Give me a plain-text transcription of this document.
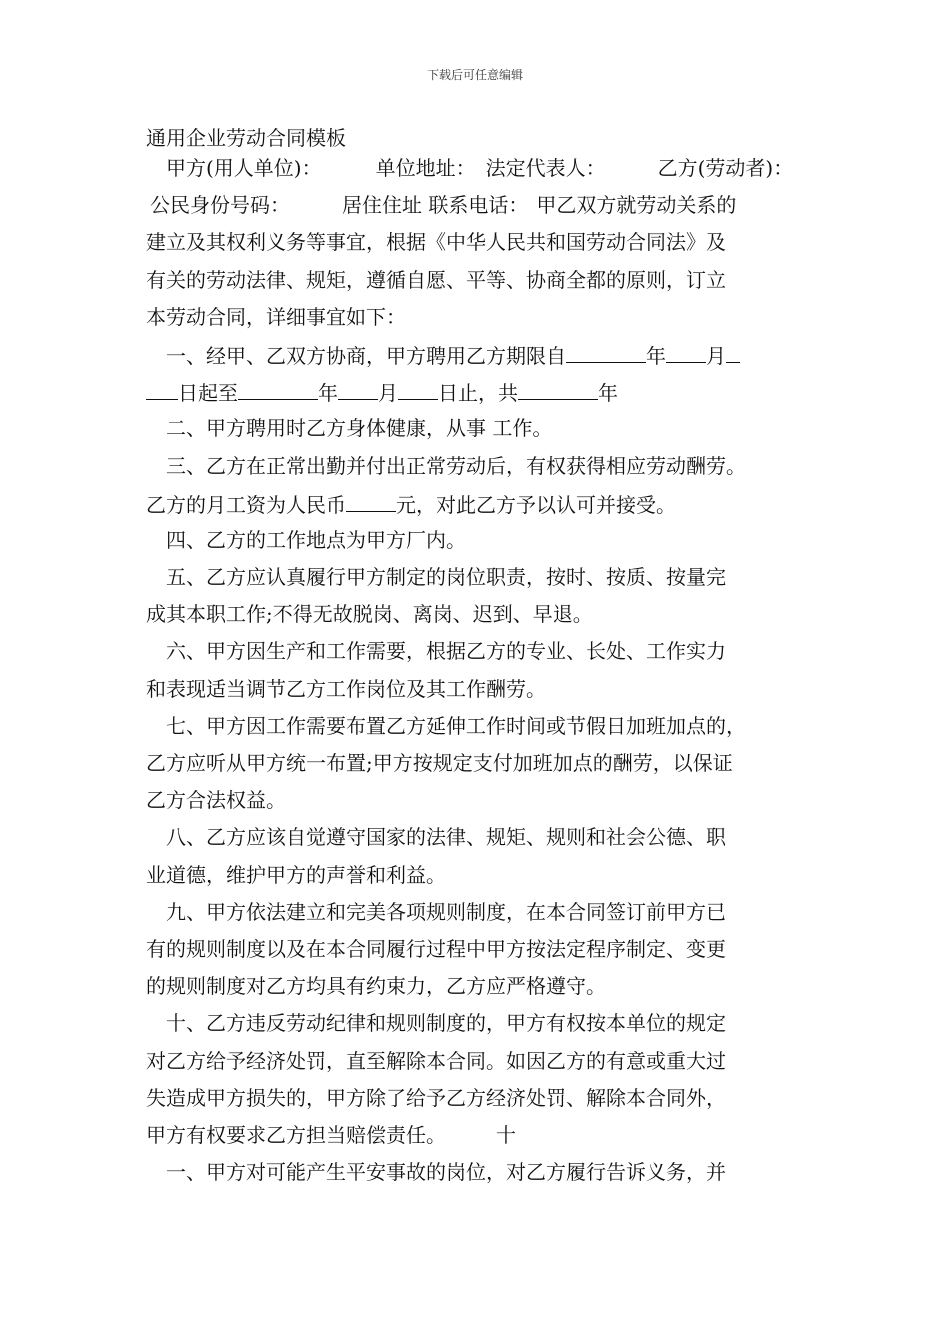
下载后可任意编辑
通用企业劳动合同模板
甲方(用人单位)：	单位地址： 法定代表人：	乙方(劳动者)：
公民身份号码：	居住住址 联系电话： 甲乙双方就劳动关系的
建立及其权利义务等事宜，根据《中华人民共和国劳动合同法》及
有关的劳动法律、规矩，遵循自愿、平等、协商全都的原则，订立
本劳动合同，详细事宜如下：
一、经甲、乙双方协商，甲方聘用乙方期限自	年 月
日起至	年 月 日止，共	年
二、甲方聘用时乙方身体健康，从事 工作。
三、乙方在正常出勤并付出正常劳动后，有权获得相应劳动酬劳。
乙方的月工资为人民币	元，对此乙方予以认可并接受。
四、乙方的工作地点为甲方厂内。
五、乙方应认真履行甲方制定的岗位职责，按时、按质、按量完
成其本职工作;不得无故脱岗、离岗、迟到、早退。
六、甲方因生产和工作需要，根据乙方的专业、长处、工作实力
和表现适当调节乙方工作岗位及其工作酬劳。
七、甲方因工作需要布置乙方延伸工作时间或节假日加班加点的，
乙方应听从甲方统一布置;甲方按规定支付加班加点的酬劳，以保证
乙方合法权益。
八、乙方应该自觉遵守国家的法律、规矩、规则和社会公德、职
业道德，维护甲方的声誉和利益。
九、甲方依法建立和完美各项规则制度，在本合同签订前甲方已
有的规则制度以及在本合同履行过程中甲方按法定程序制定、变更
的规则制度对乙方均具有约束力，乙方应严格遵守。
十、乙方违反劳动纪律和规则制度的，甲方有权按本单位的规定
对乙方给予经济处罚，直至解除本合同。如因乙方的有意或重大过
失造成甲方损失的，甲方除了给予乙方经济处罚、解除本合同外，
甲方有权要求乙方担当赔偿责任。　　　十
一、甲方对可能产生平安事故的岗位，对乙方履行告诉义务，并
